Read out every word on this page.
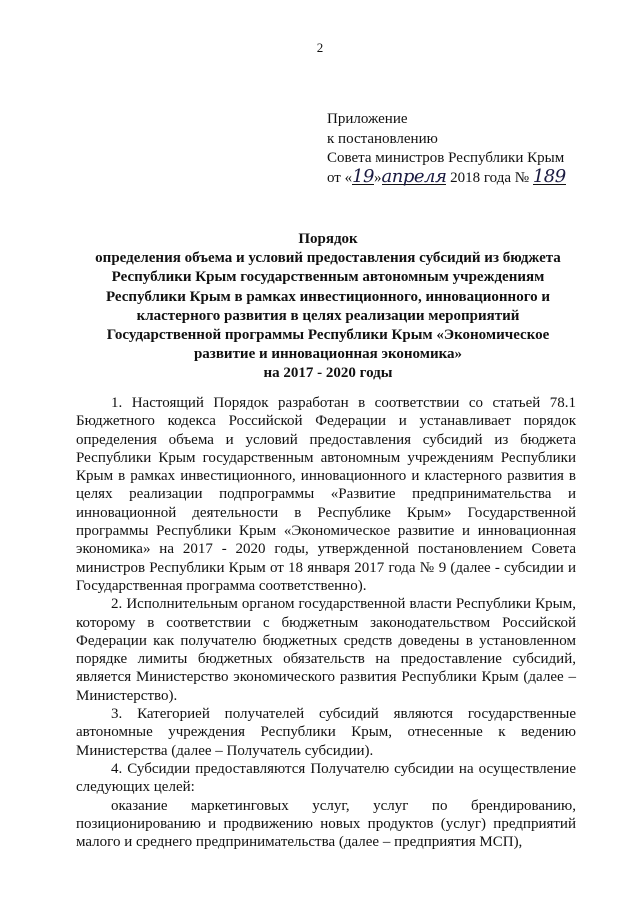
2
Приложение
к постановлению
Совета министров Республики Крым
от «19»апреля 2018 года № 189
Порядок
определения объема и условий предоставления субсидий из бюджета
Республики Крым государственным автономным учреждениям
Республики Крым в рамках инвестиционного, инновационного и
кластерного развития в целях реализации мероприятий
Государственной программы Республики Крым «Экономическое
развитие и инновационная экономика»
на 2017 - 2020 годы

1. Настоящий Порядок разработан в соответствии со статьей 78.1 Бюджетного кодекса Российской Федерации и устанавливает порядок определения объема и условий предоставления субсидий из бюджета Республики Крым государственным автономным учреждениям Республики Крым в рамках инвестиционного, инновационного и кластерного развития в целях реализации подпрограммы «Развитие предпринимательства и инновационной деятельности в Республике Крым» Государственной программы Республики Крым «Экономическое развитие и инновационная экономика» на 2017 - 2020 годы, утвержденной постановлением Совета министров Республики Крым от 18 января 2017 года № 9 (далее - субсидии и Государственная программа соответственно).

2. Исполнительным органом государственной власти Республики Крым, которому в соответствии с бюджетным законодательством Российской Федерации как получателю бюджетных средств доведены в установленном порядке лимиты бюджетных обязательств на предоставление субсидий, является Министерство экономического развития Республики Крым (далее – Министерство).

3. Категорией получателей субсидий являются государственные автономные учреждения Республики Крым, отнесенные к ведению Министерства (далее – Получатель субсидии).

4. Субсидии предоставляются Получателю субсидии на осуществление следующих целей:

оказание маркетинговых услуг, услуг по брендированию, позиционированию и продвижению новых продуктов (услуг) предприятий малого и среднего предпринимательства (далее – предприятия МСП),
